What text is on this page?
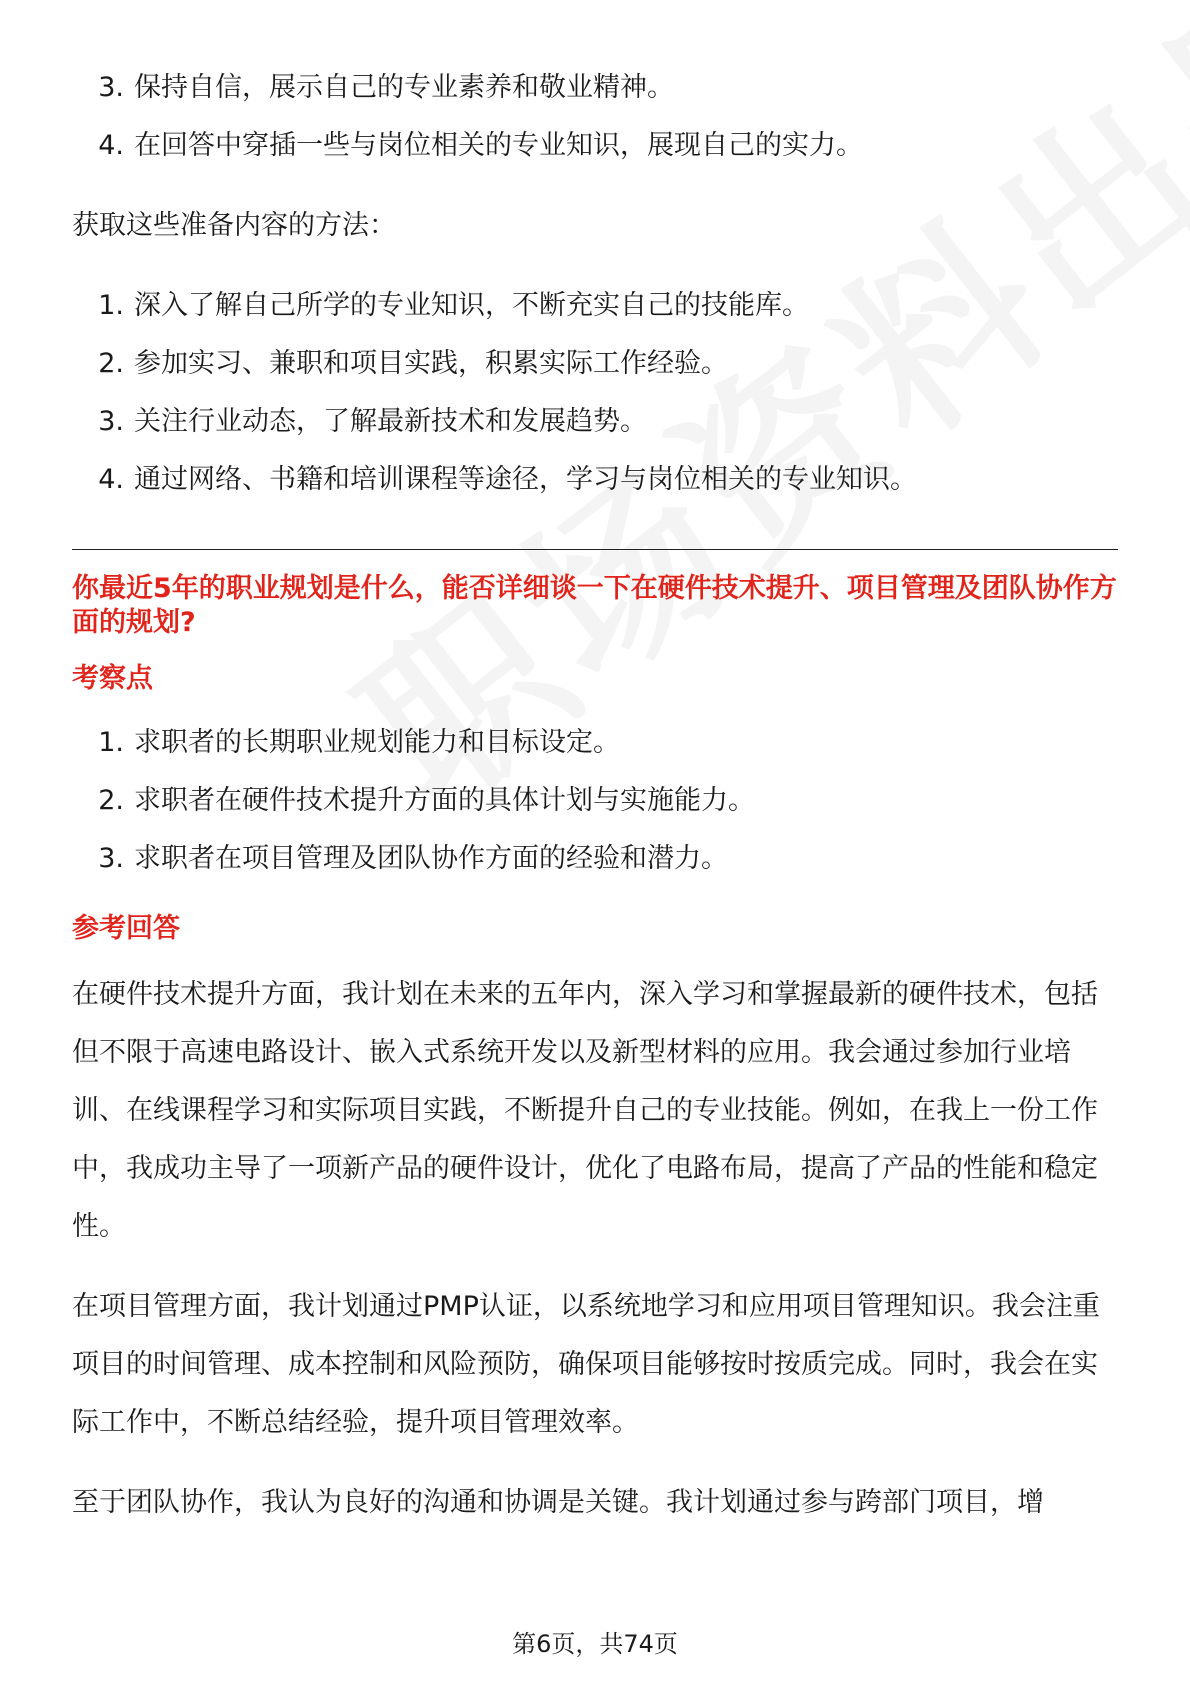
3. 保持自信，展示自己的专业素养和敬业精神。
4. 在回答中穿插一些与岗位相关的专业知识，展现自己的实力。

获取这些准备内容的方法：

1. 深入了解自己所学的专业知识，不断充实自己的技能库。
2. 参加实习、兼职和项目实践，积累实际工作经验。
3. 关注行业动态，了解最新技术和发展趋势。
4. 通过网络、书籍和培训课程等途径，学习与岗位相关的专业知识。

你最近5年的职业规划是什么，能否详细谈一下在硬件技术提升、项目管理及团队协作方面的规划?

考察点

1. 求职者的长期职业规划能力和目标设定。
2. 求职者在硬件技术提升方面的具体计划与实施能力。
3. 求职者在项目管理及团队协作方面的经验和潜力。

参考回答

在硬件技术提升方面，我计划在未来的五年内，深入学习和掌握最新的硬件技术，包括但不限于高速电路设计、嵌入式系统开发以及新型材料的应用。我会通过参加行业培训、在线课程学习和实际项目实践，不断提升自己的专业技能。例如，在我上一份工作中，我成功主导了一项新产品的硬件设计，优化了电路布局，提高了产品的性能和稳定性。

在项目管理方面，我计划通过PMP认证，以系统地学习和应用项目管理知识。我会注重项目的时间管理、成本控制和风险预防，确保项目能够按时按质完成。同时，我会在实际工作中，不断总结经验，提升项目管理效率。

至于团队协作，我认为良好的沟通和协调是关键。我计划通过参与跨部门项目，增

第6页，共74页
